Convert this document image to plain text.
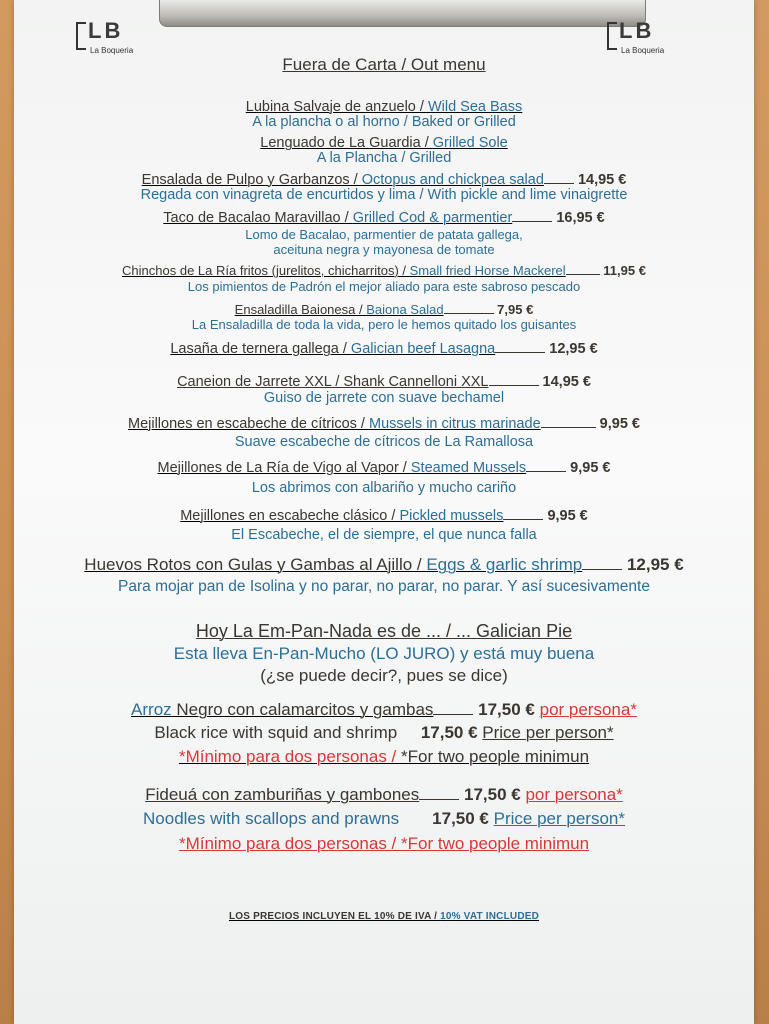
LB
La Boqueria
LB
La Boqueria
Fuera de Carta / Out menu
Lubina Salvaje de anzuelo / Wild Sea Bass
A la plancha o al horno / Baked or Grilled
Lenguado de La Guardia / Grilled Sole
A la Plancha / Grilled
Ensalada de Pulpo y Garbanzos / Octopus and chickpea salad 14,95 €
Regada con vinagreta de encurtidos y lima / With pickle and lime vinaigrette
Taco de Bacalao Maravillao / Grilled Cod & parmentier	16,95 €
Lomo de Bacalao, parmentier de patata gallega,
aceituna negra y mayonesa de tomate
Chinchos de La Ría fritos (jurelitos, chicharritos) / Small fried Horse Mackerel	11,95 €
Los pimientos de Padrón el mejor aliado para este sabroso pescado
Ensaladilla Baionesa / Baiona Salad	7,95 €
La Ensaladilla de toda la vida, pero le hemos quitado los guisantes
Lasaña de ternera gallega / Galician beef Lasagna	12,95 €
Caneion de Jarrete XXL / Shank Cannelloni XXL	14,95 €
Guiso de jarrete con suave bechamel
Mejillones en escabeche de cítricos / Mussels in citrus marinade	9,95 €
Suave escabeche de cítricos de La Ramallosa
Mejillones de La Ría de Vigo al Vapor / Steamed Mussels	9,95 €
Los abrimos con albariño y mucho cariño
Mejillones en escabeche clásico / Pickled mussels	9,95 €
El Escabeche, el de siempre, el que nunca falla
Huevos Rotos con Gulas y Gambas al Ajillo / Eggs & garlic shrimp	12,95 €
Para mojar pan de Isolina y no parar, no parar, no parar. Y así sucesivamente
Hoy La Em-Pan-Nada es de ... / ... Galician Pie
Esta lleva En-Pan-Mucho (LO JURO) y está muy buena
(¿se puede decir?, pues se dice)
Arroz Negro con calamarcitos y gambas	17,50 € por persona*
Black rice with squid and shrimp 17,50 € Price per person*
*Mínimo para dos personas / *For two people minimun
Fideuá con zamburiñas y gambones	17,50 € por persona*
Noodles with scallops and prawns 17,50 € Price per person*
*Mínimo para dos personas / *For two people minimun
LOS PRECIOS INCLUYEN EL 10% DE IVA / 10% VAT INCLUDED
